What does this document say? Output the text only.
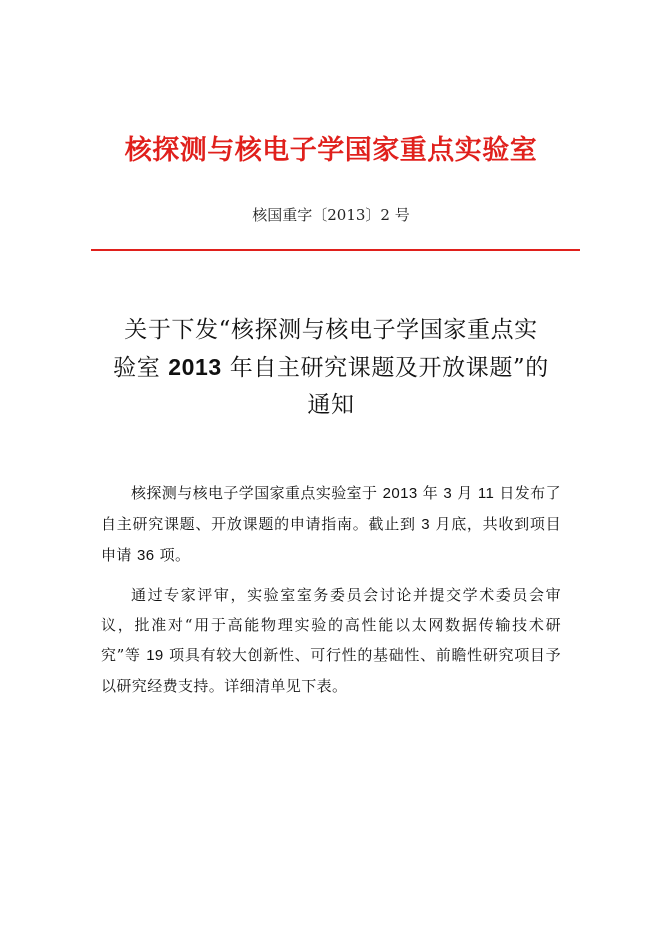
核探测与核电子学国家重点实验室
核国重字〔2013〕2 号
关于下发“核探测与核电子学国家重点实
验室 2013 年自主研究课题及开放课题”的
通知

核探测与核电子学国家重点实验室于 2013 年 3 月 11 日发布了自主研究课题、开放课题的申请指南。截止到 3 月底，共收到项目申请 36 项。

通过专家评审，实验室室务委员会讨论并提交学术委员会审议，批准对“用于高能物理实验的高性能以太网数据传输技术研究”等 19 项具有较大创新性、可行性的基础性、前瞻性研究项目予以研究经费支持。详细清单见下表。
